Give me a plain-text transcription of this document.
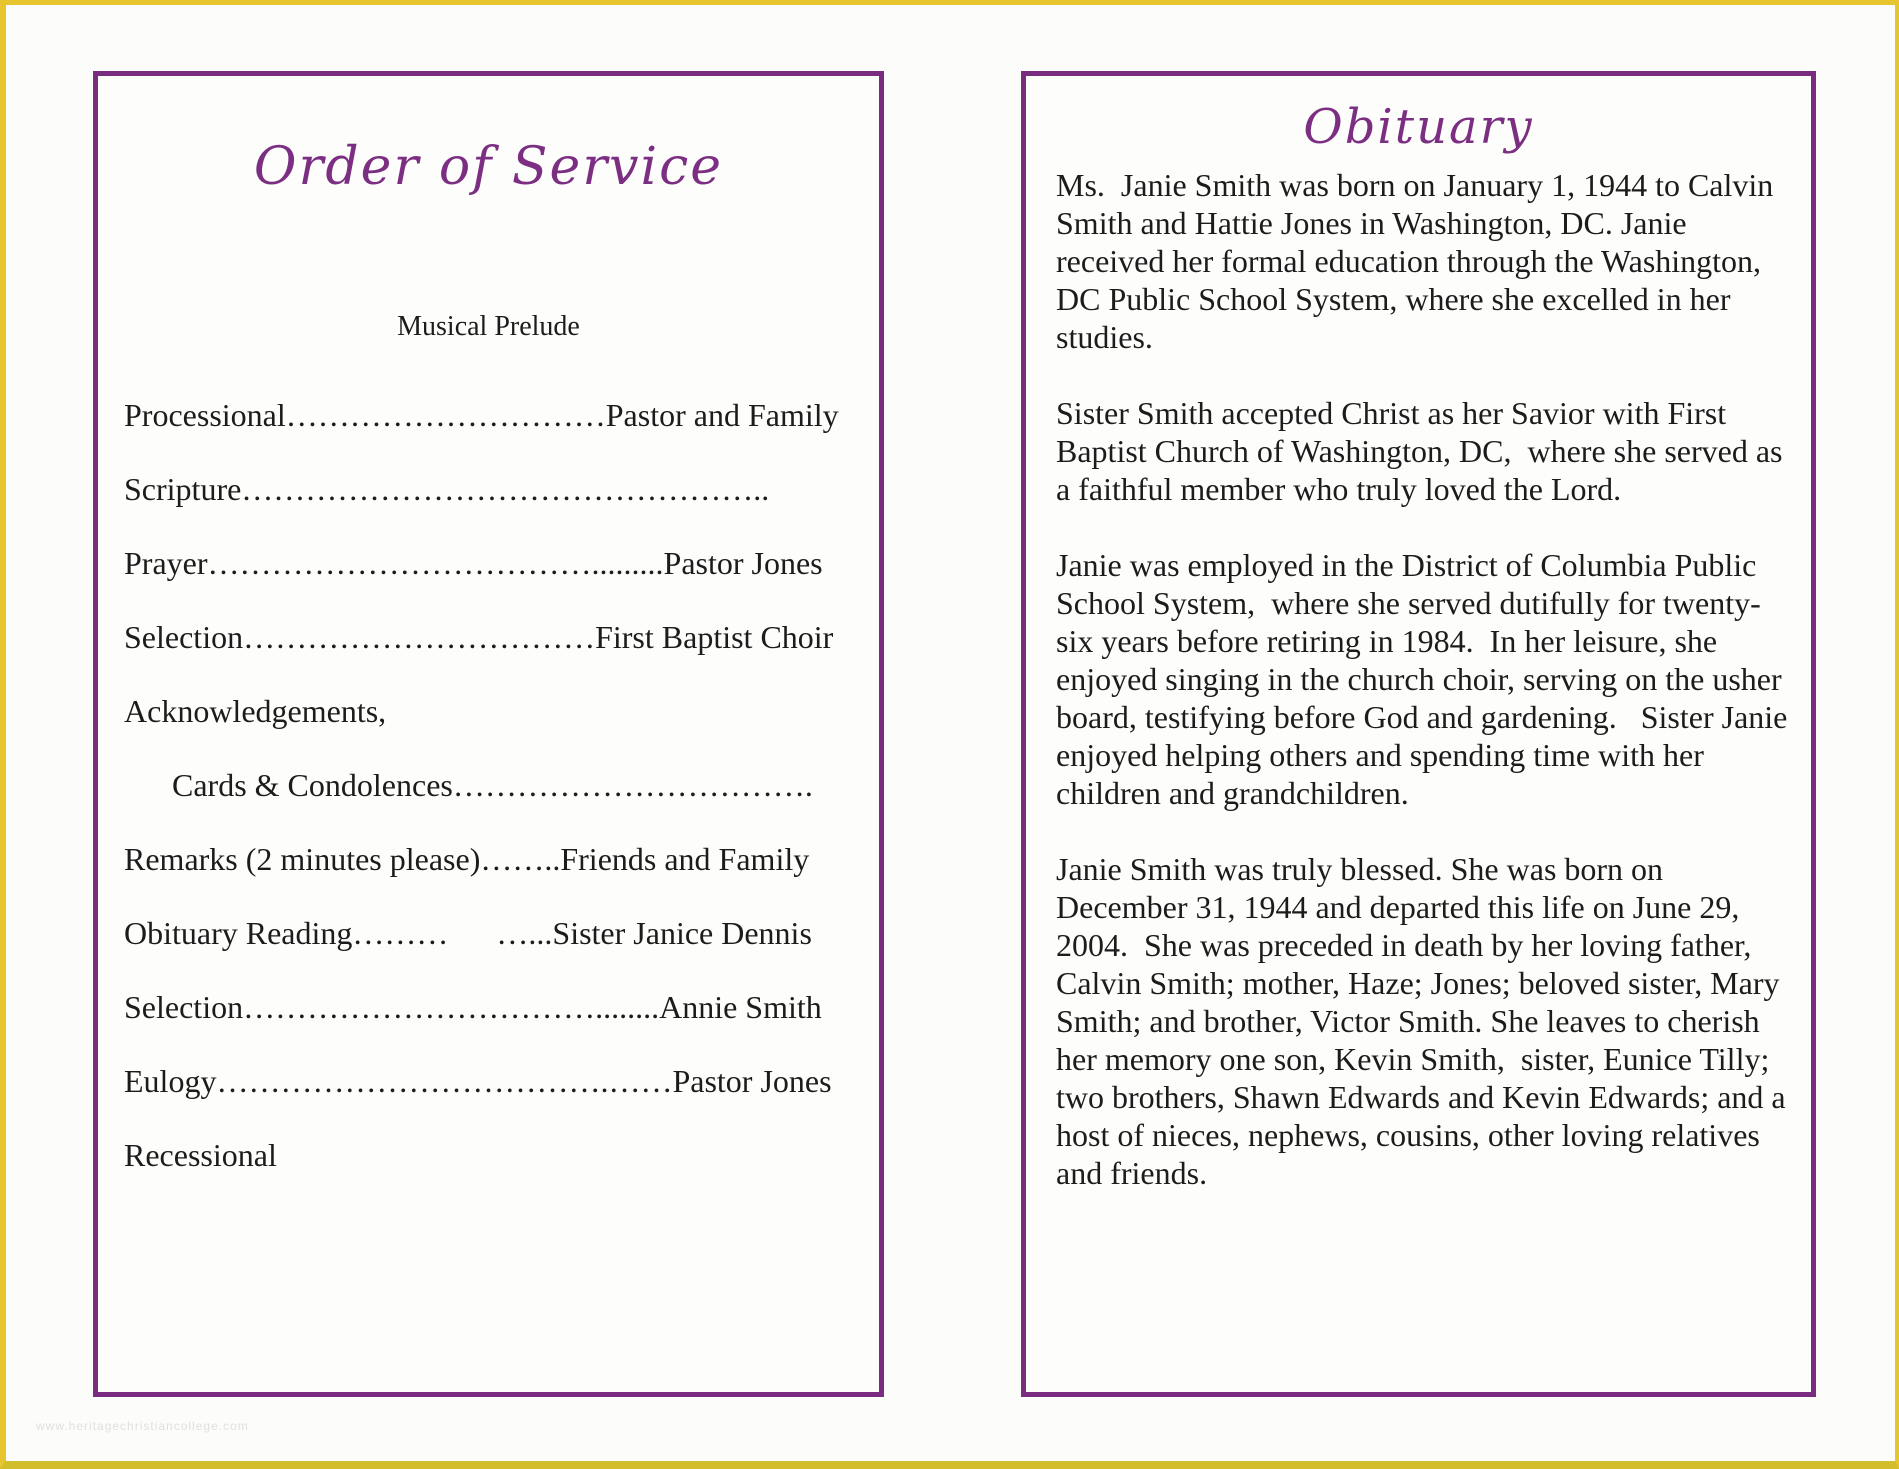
Order of Service
Musical Prelude
Processional…………………………Pastor and Family
Scripture…………………………………………..
Prayer……………………………….........Pastor Jones
Selection……………………………First Baptist Choir
Acknowledgements,
Cards & Condolences…………………………….
Remarks (2 minutes please)……..Friends and Family
Obituary Reading………      …...Sister Janice Dennis
Selection……………………………........Annie Smith
Eulogy……………………………….……Pastor Jones
Recessional
Obituary

Ms.  Janie Smith was born on January 1, 1944 to Calvin Smith and Hattie Jones in Washington, DC. Janie received her formal education through the Washington, DC Public School System, where she excelled in her studies.

Sister Smith accepted Christ as her Savior with First Baptist Church of Washington, DC,  where she served as a faithful member who truly loved the Lord.

Janie was employed in the District of Columbia Public School System,  where she served dutifully for twenty-six years before retiring in 1984.  In her leisure, she enjoyed singing in the church choir, serving on the usher board, testifying before God and gardening.   Sister Janie enjoyed helping others and spending time with her children and grandchildren.

Janie Smith was truly blessed. She was born on December 31, 1944 and departed this life on June 29, 2004.  She was preceded in death by her loving father, Calvin Smith; mother, Haze; Jones; beloved sister, Mary Smith; and brother, Victor Smith. She leaves to cherish her memory one son, Kevin Smith,  sister, Eunice Tilly; two brothers, Shawn Edwards and Kevin Edwards; and a host of nieces, nephews, cousins, other loving relatives and friends.

www.heritagechristiancollege.com
